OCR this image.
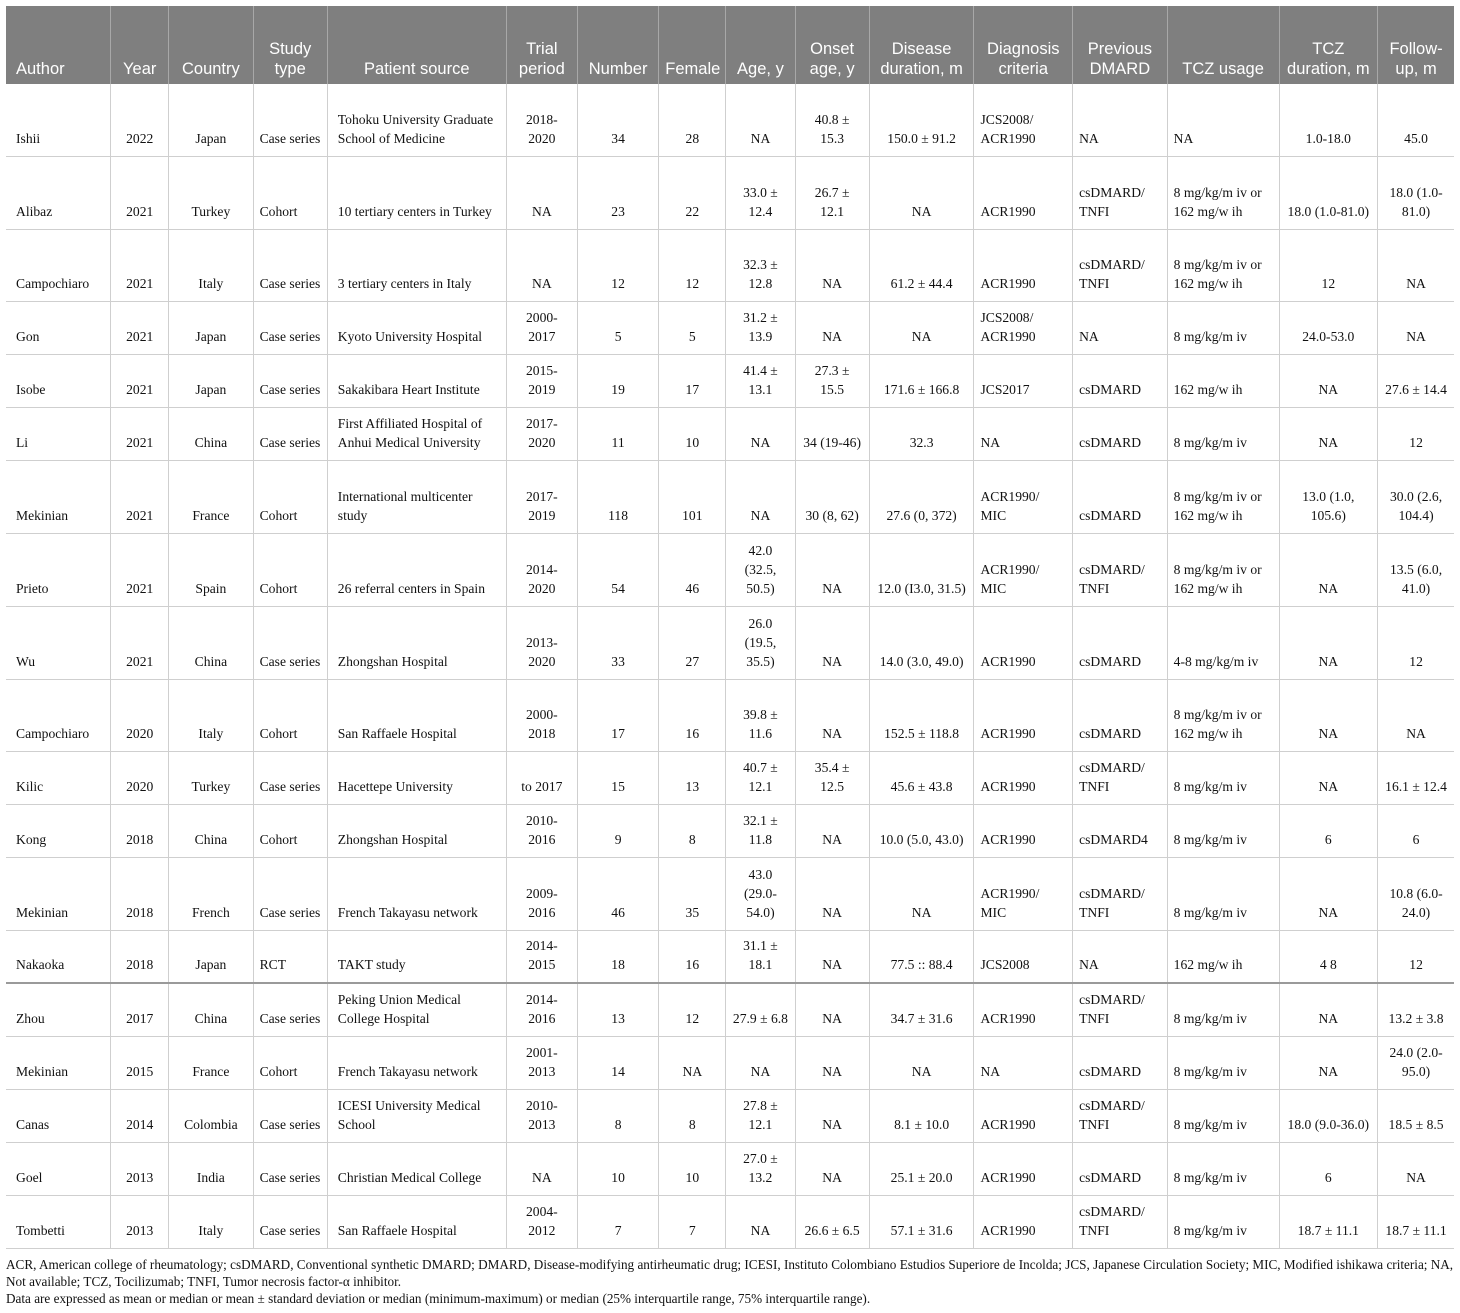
Author	Year	Country	Study type	Patient source	Trial period	Number	Female	Age, y	Onset age, y	Disease duration, m	Diagnosis criteria	Previous DMARD	TCZ usage	TCZ duration, m	Follow-up, m
Ishii	2022	Japan	Case series	Tohoku University Graduate School of Medicine	2018-2020	34	28	NA	40.8 ± 15.3	150.0 ± 91.2	JCS2008/ ACR1990	NA	NA	1.0-18.0	45.0
Alibaz	2021	Turkey	Cohort	10 tertiary centers in Turkey	NA	23	22	33.0 ± 12.4	26.7 ± 12.1	NA	ACR1990	csDMARD/ TNFI	8 mg/kg/m iv or 162 mg/w ih	18.0 (1.0-81.0)	18.0 (1.0-81.0)
Campochiaro	2021	Italy	Case series	3 tertiary centers in Italy	NA	12	12	32.3 ± 12.8	NA	61.2 ± 44.4	ACR1990	csDMARD/ TNFI	8 mg/kg/m iv or 162 mg/w ih	12	NA
Gon	2021	Japan	Case series	Kyoto University Hospital	2000-2017	5	5	31.2 ± 13.9	NA	NA	JCS2008/ ACR1990	NA	8 mg/kg/m iv	24.0-53.0	NA
Isobe	2021	Japan	Case series	Sakakibara Heart Institute	2015-2019	19	17	41.4 ± 13.1	27.3 ± 15.5	171.6 ± 166.8	JCS2017	csDMARD	162 mg/w ih	NA	27.6 ± 14.4
Li	2021	China	Case series	First Affiliated Hospital of Anhui Medical University	2017-2020	11	10	NA	34 (19-46)	32.3	NA	csDMARD	8 mg/kg/m iv	NA	12
Mekinian	2021	France	Cohort	International multicenter study	2017-2019	118	101	NA	30 (8, 62)	27.6 (0, 372)	ACR1990/ MIC	csDMARD	8 mg/kg/m iv or 162 mg/w ih	13.0 (1.0, 105.6)	30.0 (2.6, 104.4)
Prieto	2021	Spain	Cohort	26 referral centers in Spain	2014-2020	54	46	42.0 (32.5, 50.5)	NA	12.0 (I3.0, 31.5)	ACR1990/ MIC	csDMARD/ TNFI	8 mg/kg/m iv or 162 mg/w ih	NA	13.5 (6.0, 41.0)
Wu	2021	China	Case series	Zhongshan Hospital	2013-2020	33	27	26.0 (19.5, 35.5)	NA	14.0 (3.0, 49.0)	ACR1990	csDMARD	4-8 mg/kg/m iv	NA	12
Campochiaro	2020	Italy	Cohort	San Raffaele Hospital	2000-2018	17	16	39.8 ± 11.6	NA	152.5 ± 118.8	ACR1990	csDMARD	8 mg/kg/m iv or 162 mg/w ih	NA	NA
Kilic	2020	Turkey	Case series	Hacettepe University	to 2017	15	13	40.7 ± 12.1	35.4 ± 12.5	45.6 ± 43.8	ACR1990	csDMARD/ TNFI	8 mg/kg/m iv	NA	16.1 ± 12.4
Kong	2018	China	Cohort	Zhongshan Hospital	2010-2016	9	8	32.1 ± 11.8	NA	10.0 (5.0, 43.0)	ACR1990	csDMARD4	8 mg/kg/m iv	6	6
Mekinian	2018	French	Case series	French Takayasu network	2009-2016	46	35	43.0 (29.0-54.0)	NA	NA	ACR1990/ MIC	csDMARD/ TNFI	8 mg/kg/m iv	NA	10.8 (6.0-24.0)
Nakaoka	2018	Japan	RCT	TAKT study	2014-2015	18	16	31.1 ± 18.1	NA	77.5 :: 88.4	JCS2008	NA	162 mg/w ih	4 8	12
Zhou	2017	China	Case series	Peking Union Medical College Hospital	2014-2016	13	12	27.9 ± 6.8	NA	34.7 ± 31.6	ACR1990	csDMARD/ TNFI	8 mg/kg/m iv	NA	13.2 ± 3.8
Mekinian	2015	France	Cohort	French Takayasu network	2001-2013	14	NA	NA	NA	NA	NA	csDMARD	8 mg/kg/m iv	NA	24.0 (2.0-95.0)
Canas	2014	Colombia	Case series	ICESI University Medical School	2010-2013	8	8	27.8 ± 12.1	NA	8.1 ± 10.0	ACR1990	csDMARD/ TNFI	8 mg/kg/m iv	18.0 (9.0-36.0)	18.5 ± 8.5
Goel	2013	India	Case series	Christian Medical College	NA	10	10	27.0 ± 13.2	NA	25.1 ± 20.0	ACR1990	csDMARD	8 mg/kg/m iv	6	NA
Tombetti	2013	Italy	Case series	San Raffaele Hospital	2004-2012	7	7	NA	26.6 ± 6.5	57.1 ± 31.6	ACR1990	csDMARD/ TNFI	8 mg/kg/m iv	18.7 ± 11.1	18.7 ± 11.1

ACR, American college of rheumatology; csDMARD, Conventional synthetic DMARD; DMARD, Disease-modifying antirheumatic drug; ICESI, Instituto Colombiano Estudios Superiore de Incolda; JCS, Japanese Circulation Society; MIC, Modified ishikawa criteria; NA, Not available; TCZ, Tocilizumab; TNFI, Tumor necrosis factor-α inhibitor.

Data are expressed as mean or median or mean ± standard deviation or median (minimum-maximum) or median (25% interquartile range, 75% interquartile range).
